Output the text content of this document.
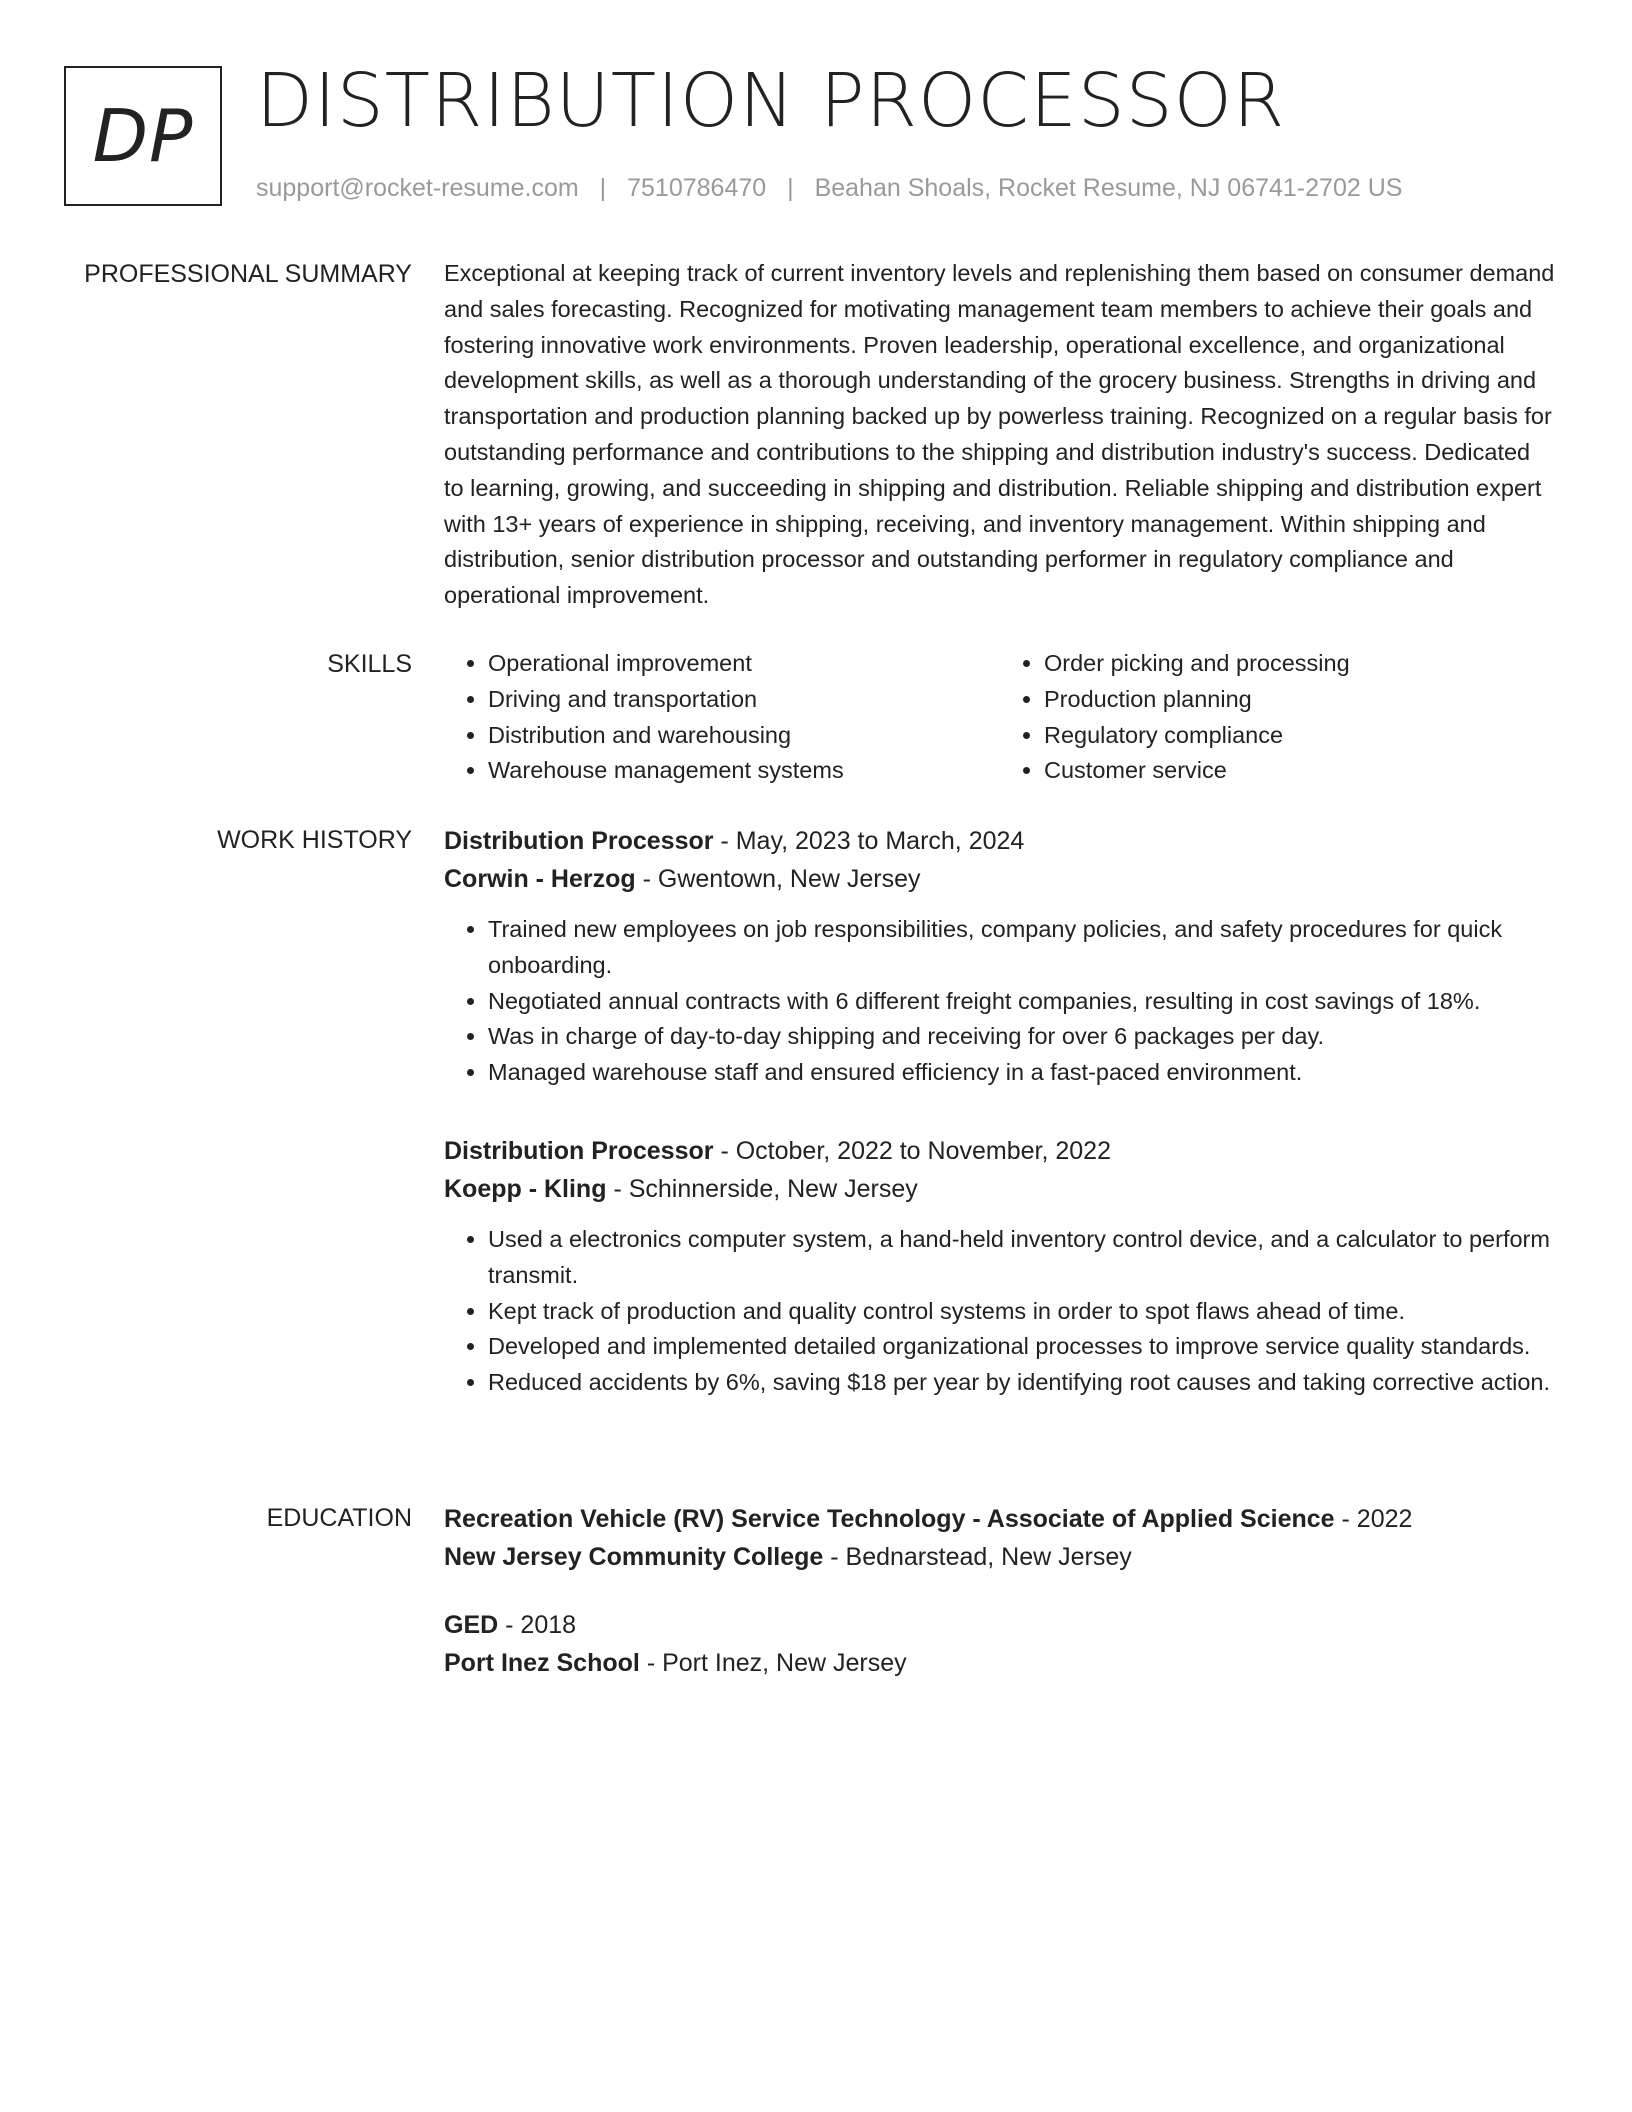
DP DISTRIBUTION PROCESSOR
support@rocket-resume.com | 7510786470 | Beahan Shoals, Rocket Resume, NJ 06741-2702 US
PROFESSIONAL SUMMARY Exceptional at keeping track of current inventory levels and replenishing them based on consumer demand and sales forecasting. Recognized for motivating management team members to achieve their goals and fostering innovative work environments. Proven leadership, operational excellence, and organizational development skills, as well as a thorough understanding of the grocery business. Strengths in driving and transportation and production planning backed up by powerless training. Recognized on a regular basis for outstanding performance and contributions to the shipping and distribution industry's success. Dedicated to learning, growing, and succeeding in shipping and distribution. Reliable shipping and distribution expert with 13+ years of experience in shipping, receiving, and inventory management. Within shipping and distribution, senior distribution processor and outstanding performer in regulatory compliance and operational improvement.

SKILLS
•	Operational improvement
• Driving and transportation
• Distribution and warehousing
• Warehouse management systems
• Order picking and processing
• Production planning
• Regulatory compliance
• Customer service
WORK HISTORY Distribution Processor - May, 2023 to March, 2024
Corwin - Herzog - Gwentown, New Jersey
• Trained new employees on job responsibilities, company policies, and safety procedures for quick onboarding.
• Negotiated annual contracts with 6 different freight companies, resulting in cost savings of 18%.
• Was in charge of day-to-day shipping and receiving for over 6 packages per day.
• Managed warehouse staff and ensured efficiency in a fast-paced environment.
Distribution Processor - October, 2022 to November, 2022
Koepp - Kling - Schinnerside, New Jersey
• Used a electronics computer system, a hand-held inventory control device, and a calculator to perform transmit.
• Kept track of production and quality control systems in order to spot flaws ahead of time.
• Developed and implemented detailed organizational processes to improve service quality standards.
• Reduced accidents by 6%, saving $18 per year by identifying root causes and taking corrective action.
EDUCATION Recreation Vehicle (RV) Service Technology - Associate of Applied Science - 2022
New Jersey Community College - Bednarstead, New Jersey
GED - 2018
Port Inez School - Port Inez, New Jersey
